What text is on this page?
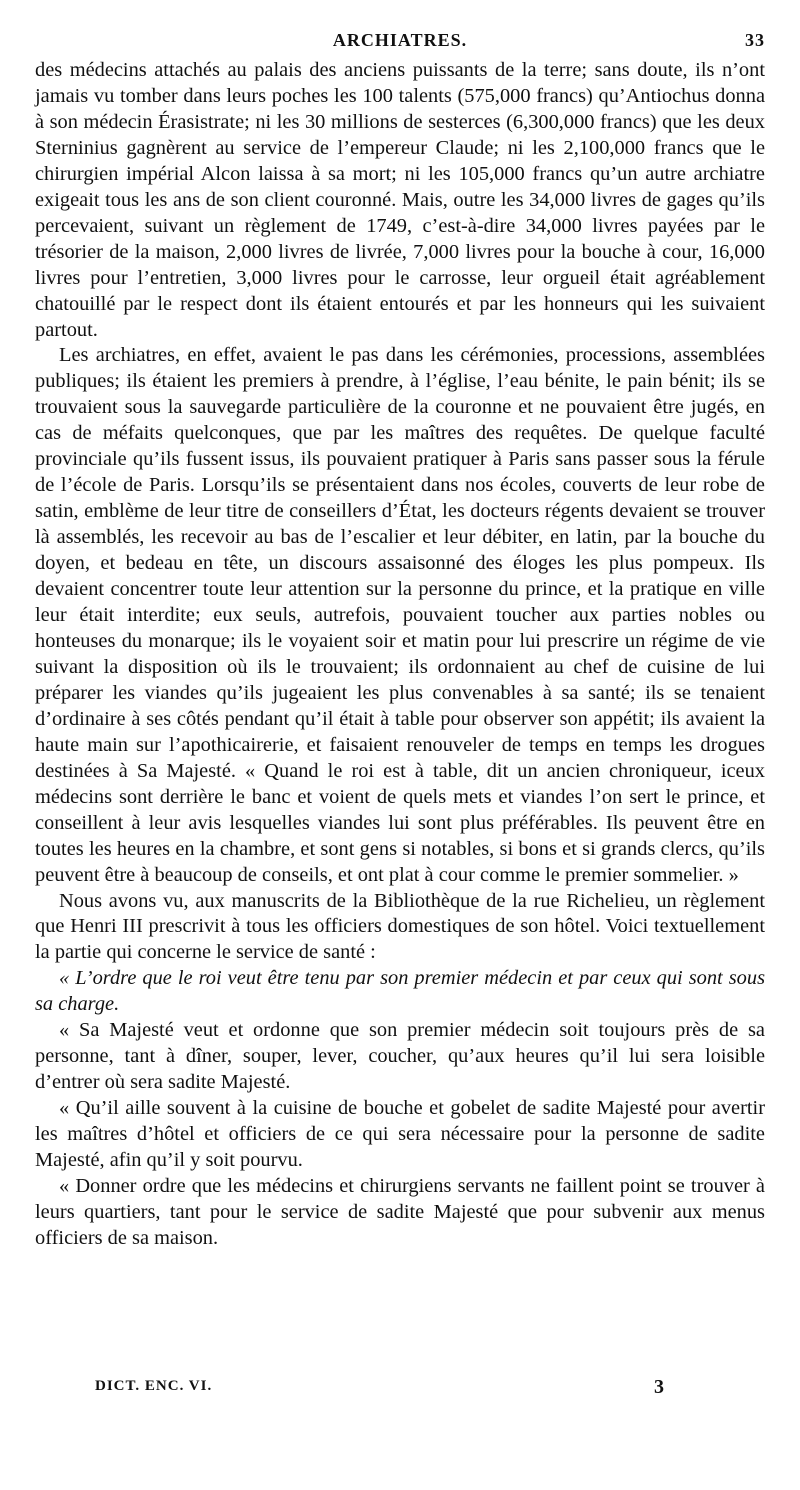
ARCHIATRES.	33

des médecins attachés au palais des anciens puissants de la terre; sans doute, ils n’ont jamais vu tomber dans leurs poches les 100 talents (575,000 francs) qu’Antiochus donna à son médecin Érasistrate; ni les 30 millions de sesterces (6,300,000 francs) que les deux Sterninius gagnèrent au service de l’empereur Claude; ni les 2,100,000 francs que le chirurgien impérial Alcon laissa à sa mort; ni les 105,000 francs qu’un autre archiatre exigeait tous les ans de son client couronné. Mais, outre les 34,000 livres de gages qu’ils percevaient, suivant un règlement de 1749, c’est-à-dire 34,000 livres payées par le trésorier de la maison, 2,000 livres de livrée, 7,000 livres pour la bouche à cour, 16,000 livres pour l’entretien, 3,000 livres pour le carrosse, leur orgueil était agréablement chatouillé par le respect dont ils étaient entourés et par les honneurs qui les suivaient partout.

Les archiatres, en effet, avaient le pas dans les cérémonies, processions, assemblées publiques; ils étaient les premiers à prendre, à l’église, l’eau bénite, le pain bénit; ils se trouvaient sous la sauvegarde particulière de la couronne et ne pouvaient être jugés, en cas de méfaits quelconques, que par les maîtres des requêtes. De quelque faculté provinciale qu’ils fussent issus, ils pouvaient pratiquer à Paris sans passer sous la férule de l’école de Paris. Lorsqu’ils se présentaient dans nos écoles, couverts de leur robe de satin, emblème de leur titre de conseillers d’État, les docteurs régents devaient se trouver là assemblés, les recevoir au bas de l’escalier et leur débiter, en latin, par la bouche du doyen, et bedeau en tête, un discours assaisonné des éloges les plus pompeux. Ils devaient concentrer toute leur attention sur la personne du prince, et la pratique en ville leur était interdite; eux seuls, autrefois, pouvaient toucher aux parties nobles ou honteuses du monarque; ils le voyaient soir et matin pour lui prescrire un régime de vie suivant la disposition où ils le trouvaient; ils ordonnaient au chef de cuisine de lui préparer les viandes qu’ils jugeaient les plus convenables à sa santé; ils se tenaient d’ordinaire à ses côtés pendant qu’il était à table pour observer son appétit; ils avaient la haute main sur l’apothicairerie, et faisaient renouveler de temps en temps les drogues destinées à Sa Majesté. « Quand le roi est à table, dit un ancien chroniqueur, iceux médecins sont derrière le banc et voient de quels mets et viandes l’on sert le prince, et conseillent à leur avis lesquelles viandes lui sont plus préférables. Ils peuvent être en toutes les heures en la chambre, et sont gens si notables, si bons et si grands clercs, qu’ils peuvent être à beaucoup de conseils, et ont plat à cour comme le premier sommelier. »

Nous avons vu, aux manuscrits de la Bibliothèque de la rue Richelieu, un règlement que Henri III prescrivit à tous les officiers domestiques de son hôtel. Voici textuellement la partie qui concerne le service de santé :

« L’ordre que le roi veut être tenu par son premier médecin et par ceux qui sont sous sa charge.

« Sa Majesté veut et ordonne que son premier médecin soit toujours près de sa personne, tant à dîner, souper, lever, coucher, qu’aux heures qu’il lui sera loisible d’entrer où sera sadite Majesté.

« Qu’il aille souvent à la cuisine de bouche et gobelet de sadite Majesté pour avertir les maîtres d’hôtel et officiers de ce qui sera nécessaire pour la personne de sadite Majesté, afin qu’il y soit pourvu.

« Donner ordre que les médecins et chirurgiens servants ne faillent point se trouver à leurs quartiers, tant pour le service de sadite Majesté que pour subvenir aux menus officiers de sa maison.

DICT. ENC. VI.	3
